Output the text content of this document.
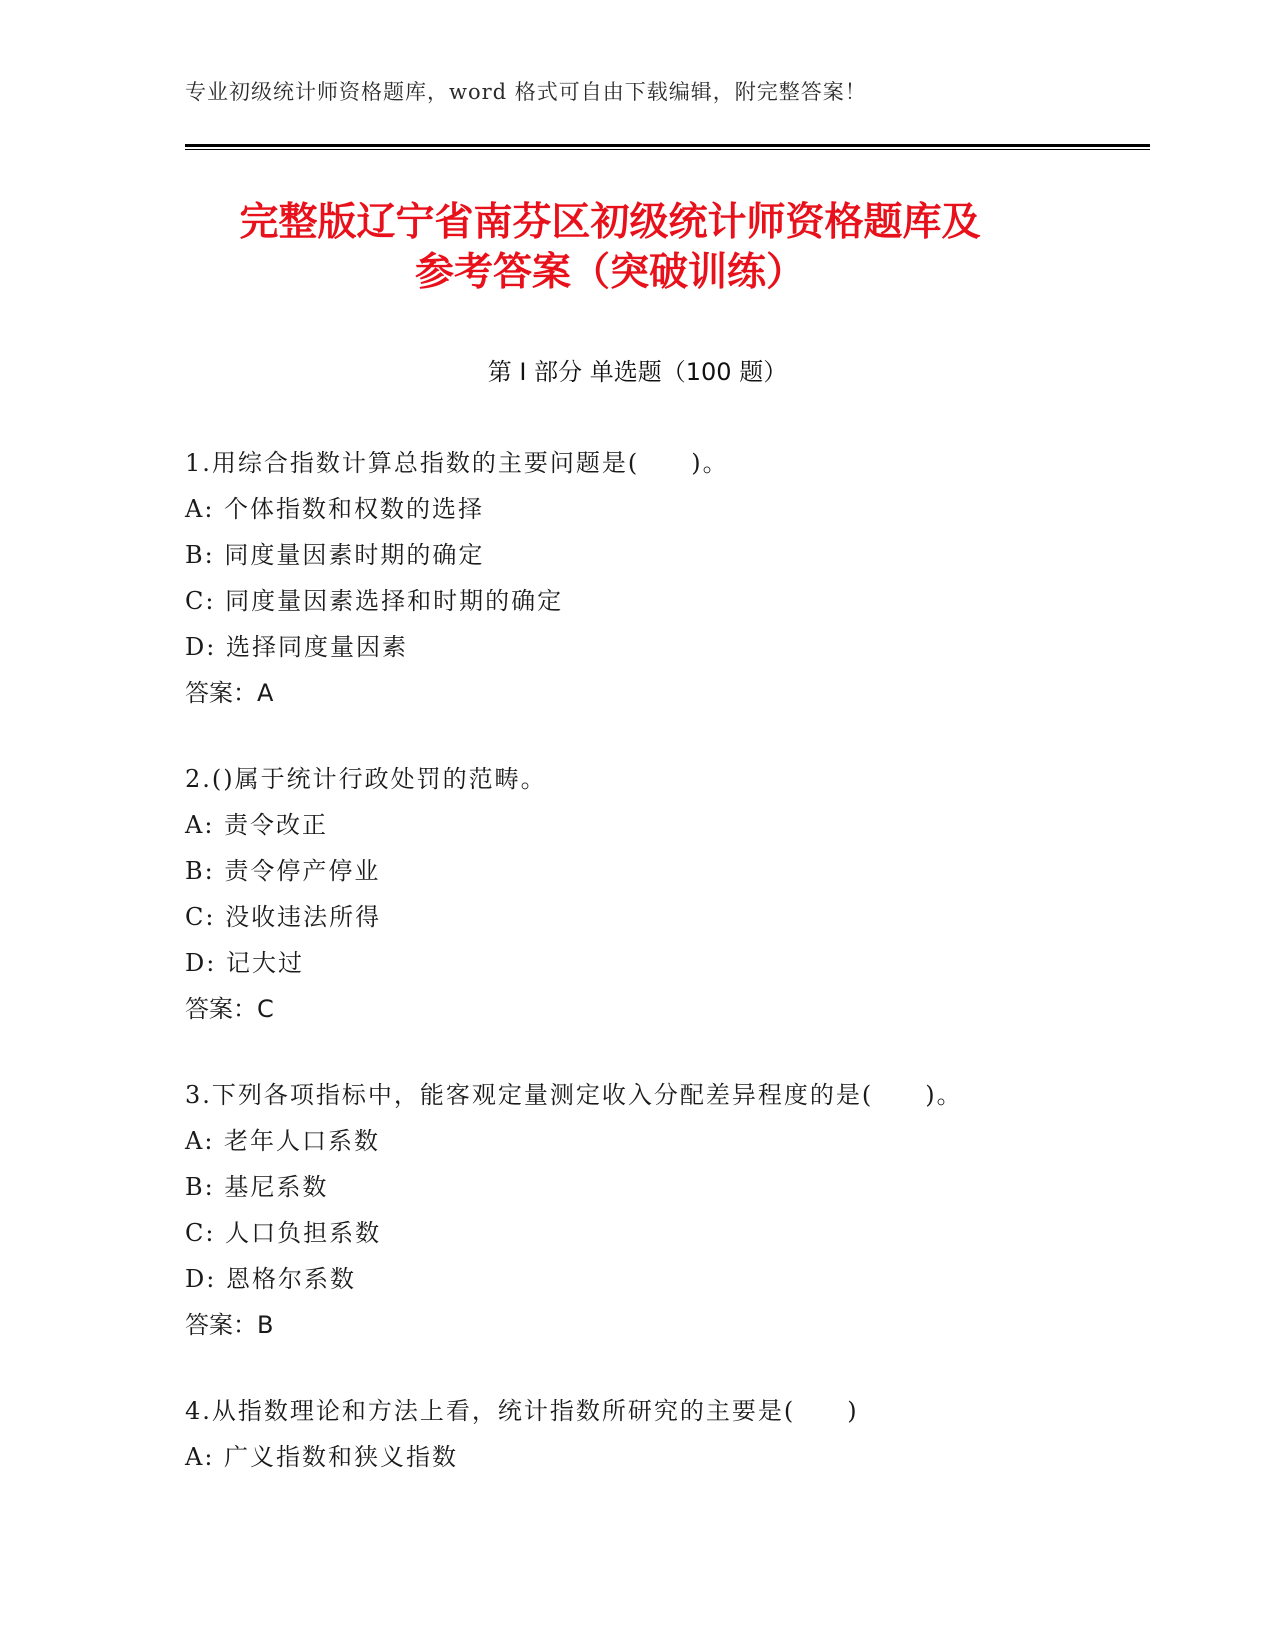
专业初级统计师资格题库，word 格式可自由下载编辑，附完整答案！
完整版辽宁省南芬区初级统计师资格题库及
参考答案（突破训练）
第 I 部分 单选题（100 题）
1.用综合指数计算总指数的主要问题是(　　)。
A: 个体指数和权数的选择
B: 同度量因素时期的确定
C: 同度量因素选择和时期的确定
D: 选择同度量因素
答案：A
2.()属于统计行政处罚的范畴。
A: 责令改正
B: 责令停产停业
C: 没收违法所得
D: 记大过
答案：C
3.下列各项指标中，能客观定量测定收入分配差异程度的是(　　)。
A: 老年人口系数
B: 基尼系数
C: 人口负担系数
D: 恩格尔系数
答案：B
4.从指数理论和方法上看，统计指数所研究的主要是(　　)
A: 广义指数和狭义指数
